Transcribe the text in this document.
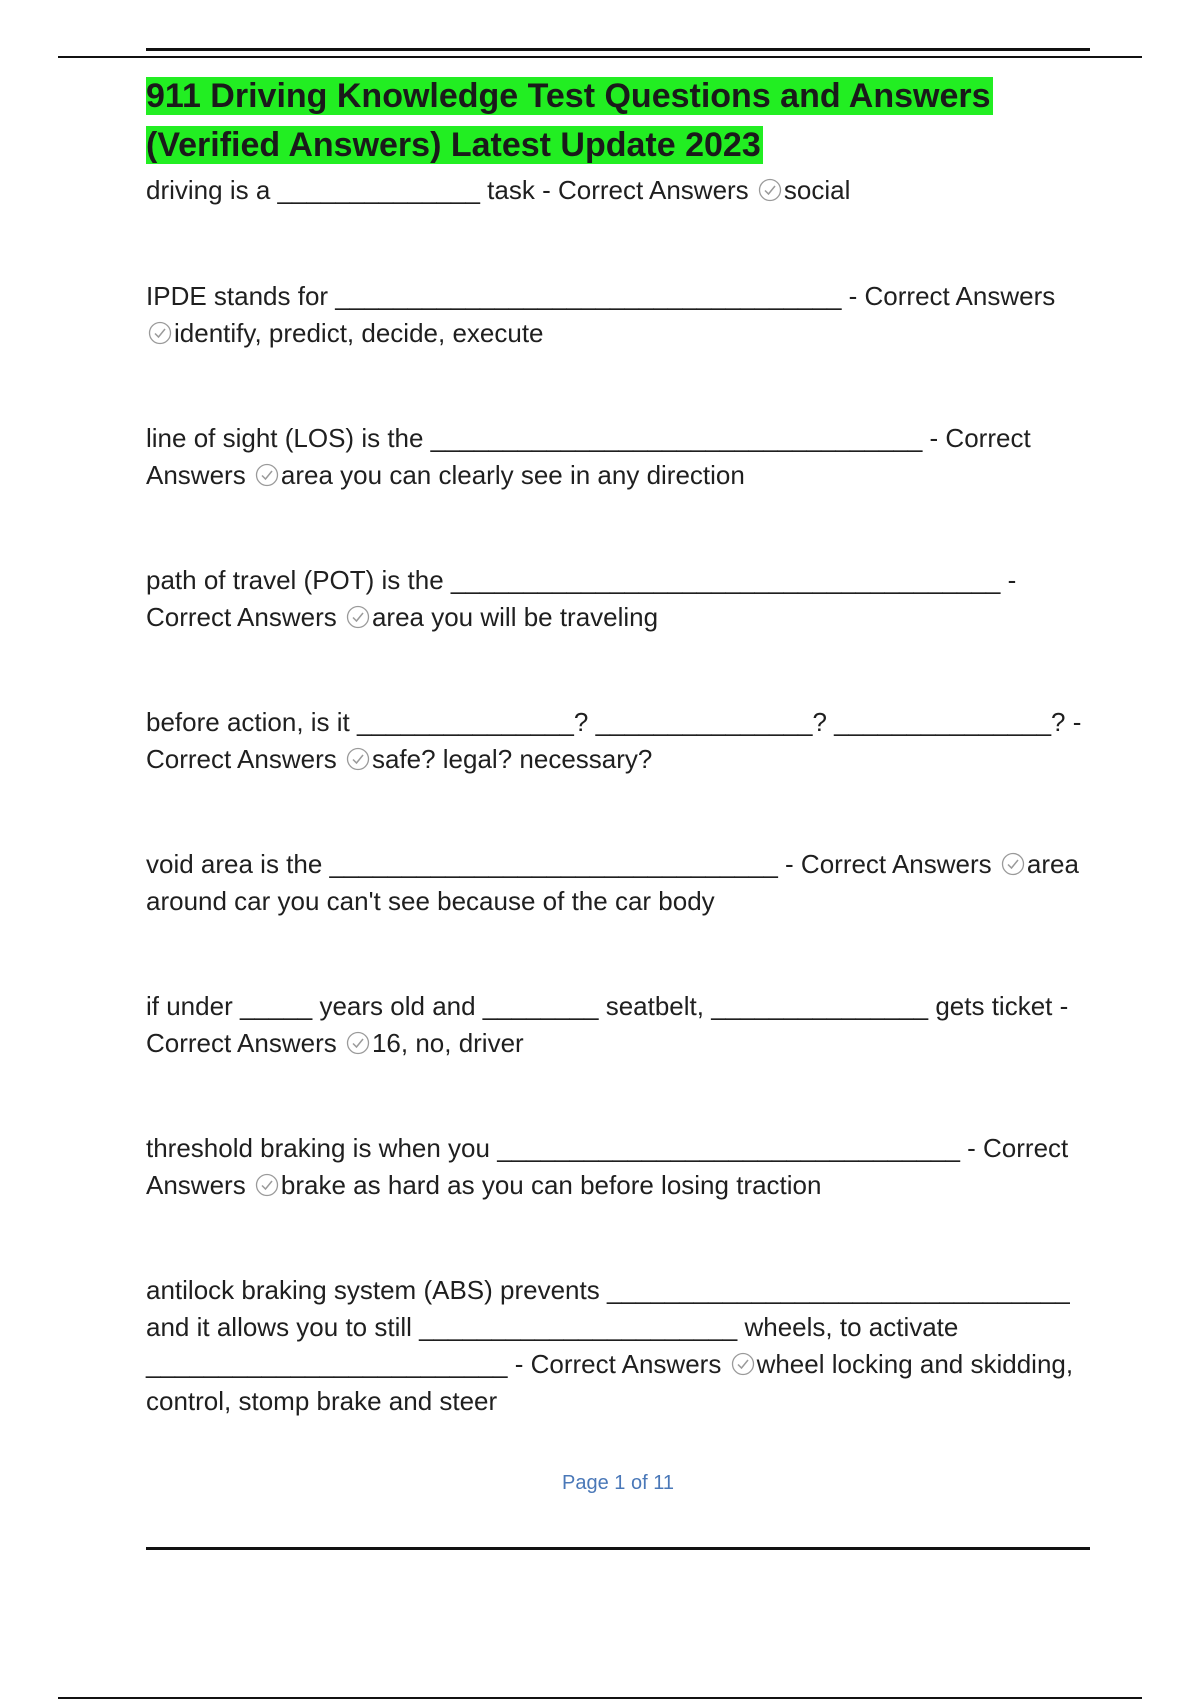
911 Driving Knowledge Test Questions and Answers
(Verified Answers) Latest Update 2023

driving is a ______________ task - Correct Answers social

IPDE stands for ___________________________________ - Correct Answers identify, predict, decide, execute

line of sight (LOS) is the __________________________________ - Correct Answers area you can clearly see in any direction

path of travel (POT) is the ______________________________________ - Correct Answers area you will be traveling

before action, is it _______________? _______________? _______________? - Correct Answers safe? legal? necessary?

void area is the _______________________________ - Correct Answers area around car you can't see because of the car body

if under _____ years old and ________ seatbelt, _______________ gets ticket - Correct Answers 16, no, driver

threshold braking is when you ________________________________ - Correct Answers brake as hard as you can before losing traction

antilock braking system (ABS) prevents ________________________________ and it allows you to still ______________________ wheels, to activate _________________________ - Correct Answers wheel locking and skidding, control, stomp brake and steer

Page 1 of 11
